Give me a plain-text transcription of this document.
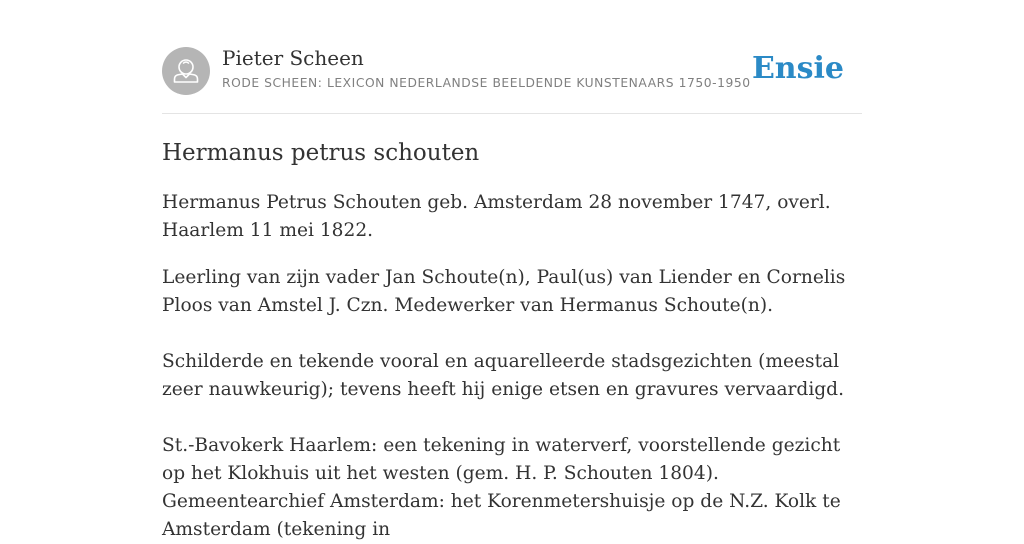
Pieter Scheen
RODE SCHEEN: LEXICON NEDERLANDSE BEELDENDE KUNSTENAARS 1750-1950 Ensie
Hermanus petrus schouten

Hermanus Petrus Schouten geb. Amsterdam 28 november 1747, overl. Haarlem 11 mei 1822.

Leerling van zijn vader Jan Schoute(n), Paul(us) van Liender en Cornelis Ploos van Amstel J. Czn. Medewerker van Hermanus Schoute(n).

Schilderde en tekende vooral en aquarelleerde stadsgezichten (meestal zeer nauwkeurig); tevens heeft hij enige etsen en gravures vervaardigd.

St.-Bavokerk Haarlem: een tekening in waterverf, voorstellende gezicht op het Klokhuis uit het westen (gem. H. P. Schouten 1804). Gemeentearchief Amsterdam: het Korenmetershuisje op de N.Z. Kolk te Amsterdam (tekening in
